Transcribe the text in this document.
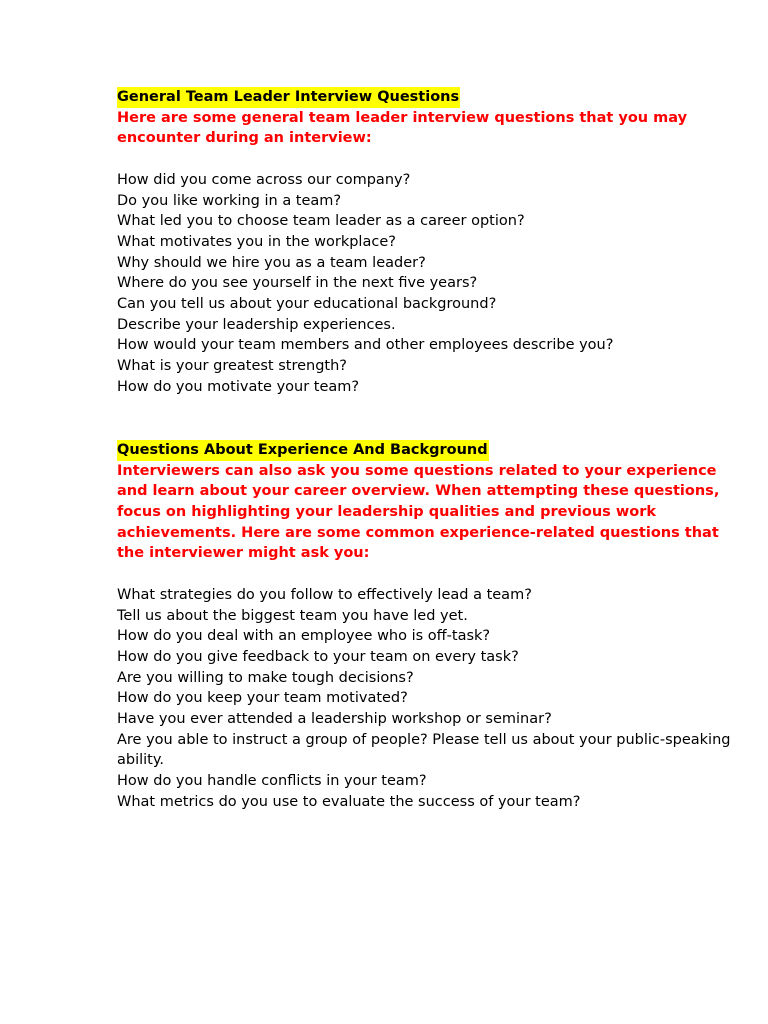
General Team Leader Interview Questions

Here are some general team leader interview questions that you may encounter during an interview:

How did you come across our company?
Do you like working in a team?
What led you to choose team leader as a career option?
What motivates you in the workplace?
Why should we hire you as a team leader?
Where do you see yourself in the next five years?
Can you tell us about your educational background?
Describe your leadership experiences.
How would your team members and other employees describe you?
What is your greatest strength?
How do you motivate your team?
Questions About Experience And Background

Interviewers can also ask you some questions related to your experience and learn about your career overview. When attempting these questions, focus on highlighting your leadership qualities and previous work achievements. Here are some common experience-related questions that the interviewer might ask you:

What strategies do you follow to effectively lead a team?
Tell us about the biggest team you have led yet.
How do you deal with an employee who is off-task?
How do you give feedback to your team on every task?
Are you willing to make tough decisions?
How do you keep your team motivated?
Have you ever attended a leadership workshop or seminar?
Are you able to instruct a group of people? Please tell us about your public-speaking ability.
How do you handle conflicts in your team?
What metrics do you use to evaluate the success of your team?
